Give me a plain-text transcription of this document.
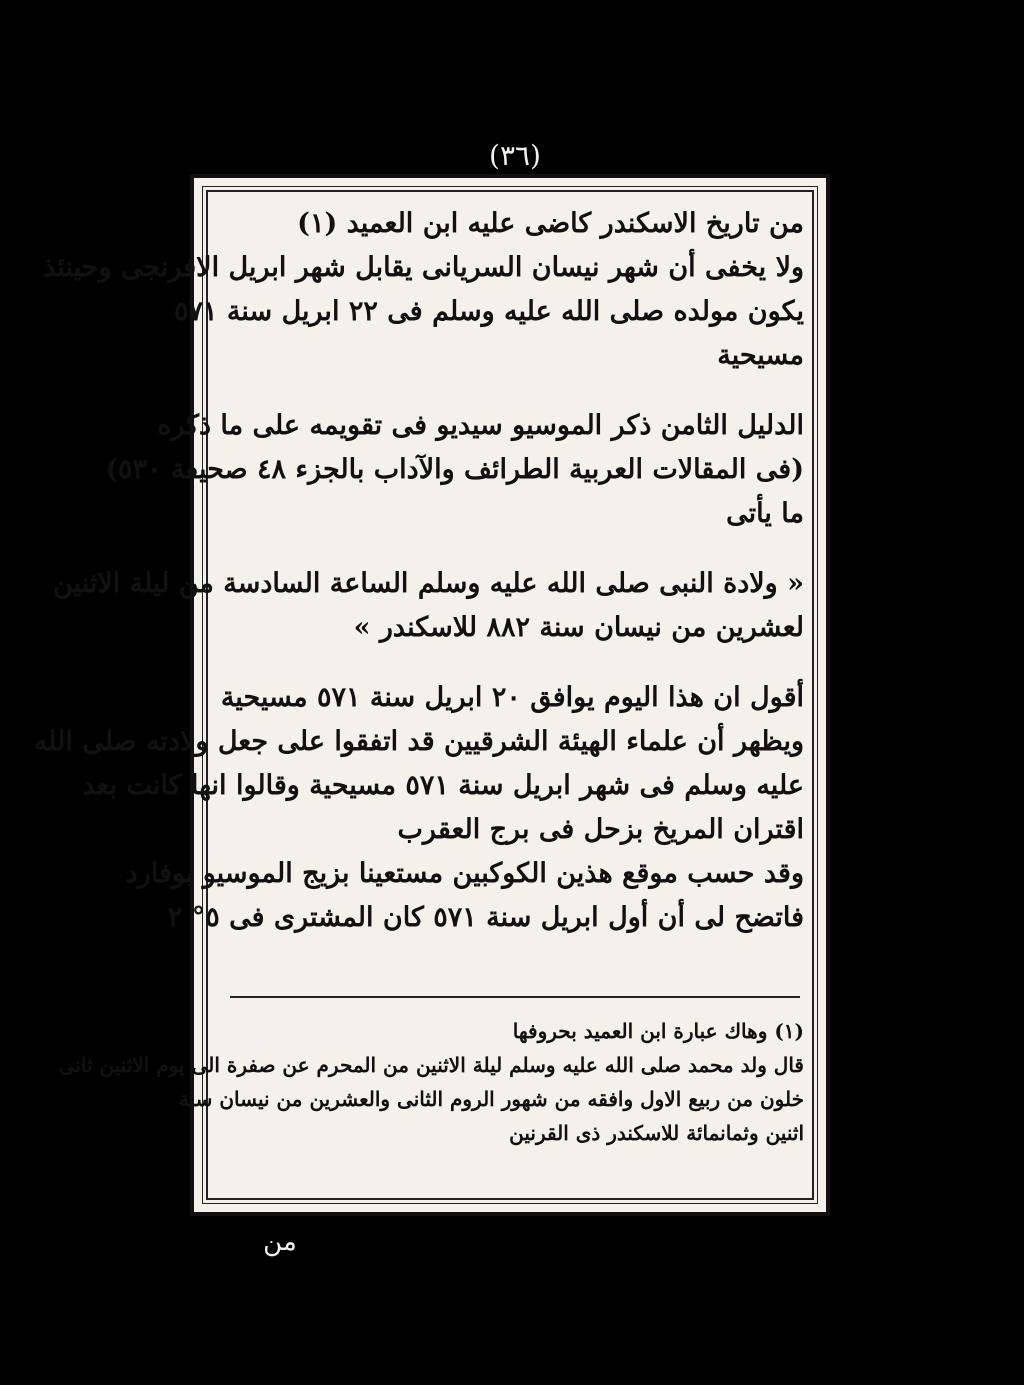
(٣٦)
من تاريخ الاسكندر كاضى عليه ابن العميد (١)
ولا يخفى أن شهر نيسان السريانى يقابل شهر ابريل الافرنجى وحينئذ
يكون مولده صلى الله عليه وسلم فى ٢٢ ابريل سنة ٥٧١
مسيحية
الدليل الثامن ذكر الموسيو سيديو فى تقويمه على ما ذكره
(فى المقالات العربية الطرائف والآداب بالجزء ٤٨ صحيفة ٥٣٠)
ما يأتى
« ولادة النبى صلى الله عليه وسلم الساعة السادسة من ليلة الاثنين
لعشرين من نيسان سنة ٨٨٢ للاسكندر »
أقول ان هذا اليوم يوافق ٢٠ ابريل سنة ٥٧١ مسيحية
ويظهر أن علماء الهيئة الشرقيين قد اتفقوا على جعل ولادته صلى الله
عليه وسلم فى شهر ابريل سنة ٥٧١ مسيحية وقالوا انها كانت بعد
اقتران المريخ بزحل فى برج العقرب
وقد حسب موقع هذين الكوكبين مستعينا بزيج الموسيو بوفارد
فاتضح لى أن أول ابريل سنة ٥٧١ كان المشترى فى ٥° ٢
(١) وهاك عبارة ابن العميد بحروفها
قال ولد محمد صلى الله عليه وسلم ليلة الاثنين من المحرم عن صفرة الى يوم الاثنين ثانى
خلون من ربيع الاول وافقه من شهور الروم الثانى والعشرين من نيسان سنة
اثنين وثمانمائة للاسكندر ذى القرنين
من
